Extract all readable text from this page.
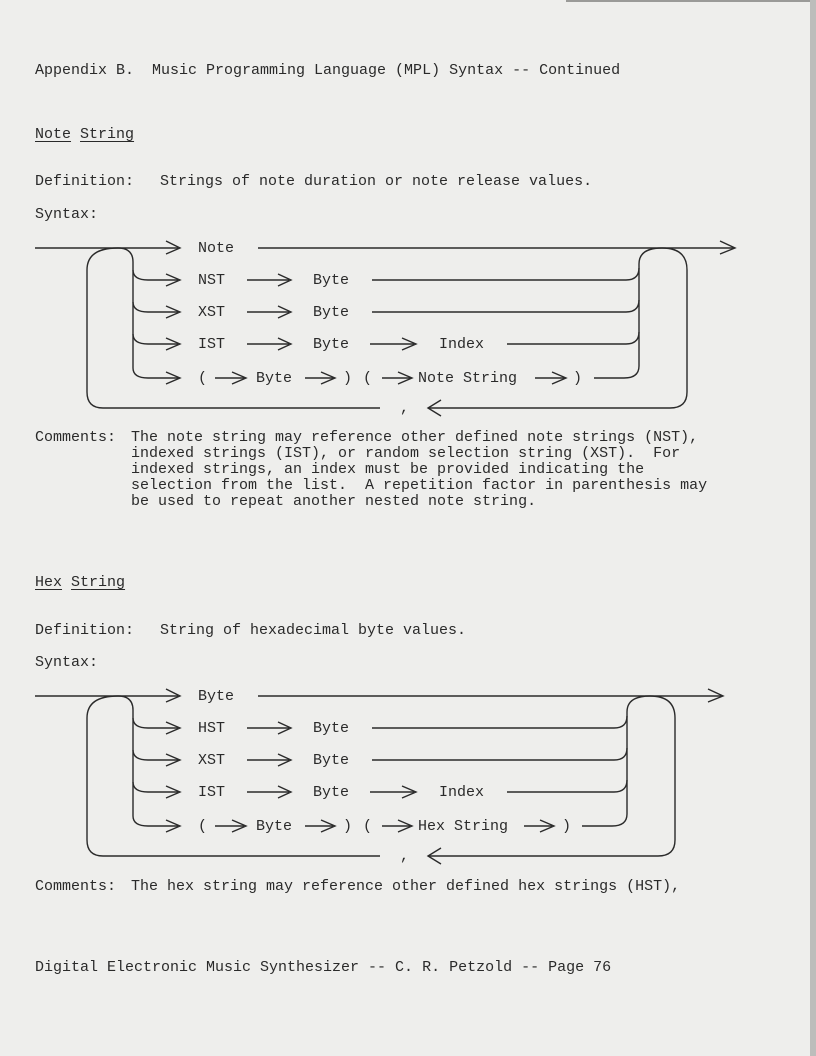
Appendix B.  Music Programming Language (MPL) Syntax -- Continued
Note String
Definition: Strings of note duration or note release values.
Syntax:
Note
NST	Byte
XST	Byte
IST	Byte	Index
(	Byte	) (	Note String	)
,
Comments: The note string may reference other defined note strings (NST),
indexed strings (IST), or random selection string (XST).  For
indexed strings, an index must be provided indicating the
selection from the list.  A repetition factor in parenthesis may
be used to repeat another nested note string.
Hex String
Definition: String of hexadecimal byte values.
Syntax:
Byte
HST	Byte
XST	Byte
IST	Byte	Index
(	Byte	) (	Hex String	)
,
Comments: The hex string may reference other defined hex strings (HST),
Digital Electronic Music Synthesizer -- C. R. Petzold -- Page 76
